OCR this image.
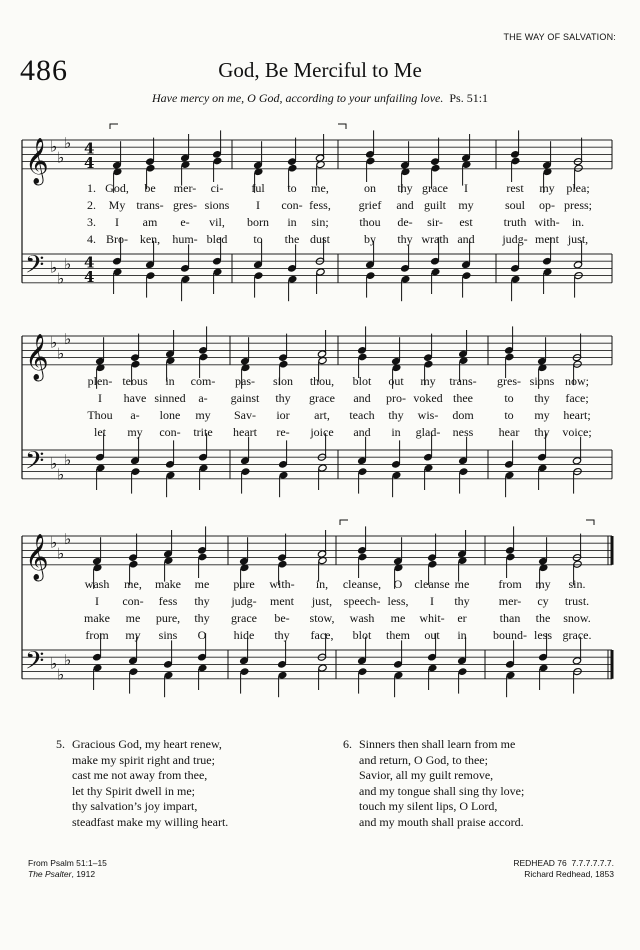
THE WAY OF SALVATION:
486	God, Be Merciful to Me
Have mercy on me, O God, according to your unfailing love. Ps. 51:1
𝄞
𝄢
♭
♭
♭
♭
♭
♭
4
4
4
4
𝄞
𝄢
♭
♭
♭
♭
♭
♭
𝄞
𝄢
♭
♭
♭
♭
♭
♭
1. God, be mer- ci- ful to me,	on thy grace I	rest my plea;
2. My trans- gres- sions I con- fess, grief and guilt my	soul op- press;
3. I am e- vil, born in sin;	thou de- sir- est	truth with- in.
4. Bro- ken, hum- bled to the dust	by thy wrath and judg- ment just,
plen- teous in com- pas- sion thou, blot out my trans- gres- sions now;
I have sinned a- gainst thy grace and pro- voked thee	to thy face;
Thou a- lone my Sav- ior art, teach thy wis- dom	to my heart;
let my con- trite heart re- joice and in glad- ness hear thy voice;
wash me, make me pure with- in, cleanse, O cleanse me from my sin.
I con- fess thy judg- ment just, speech- less, I thy mer- cy trust.
make me pure, thy grace be- stow, wash me whit- er	than the snow.
from my sins O hide thy face, blot them out in bound- less grace.
5. Gracious God, my heart renew,
make my spirit right and true;
cast me not away from thee,
let thy Spirit dwell in me;
thy salvation’s joy impart,
steadfast make my willing heart.
6. Sinners then shall learn from me
and return, O God, to thee;
Savior, all my guilt remove,
and my tongue shall sing thy love;
touch my silent lips, O Lord,
and my mouth shall praise accord.
From Psalm 51:1–15
The Psalter, 1912
REDHEAD 76 7.7.7.7.7.7.
Richard Redhead, 1853
